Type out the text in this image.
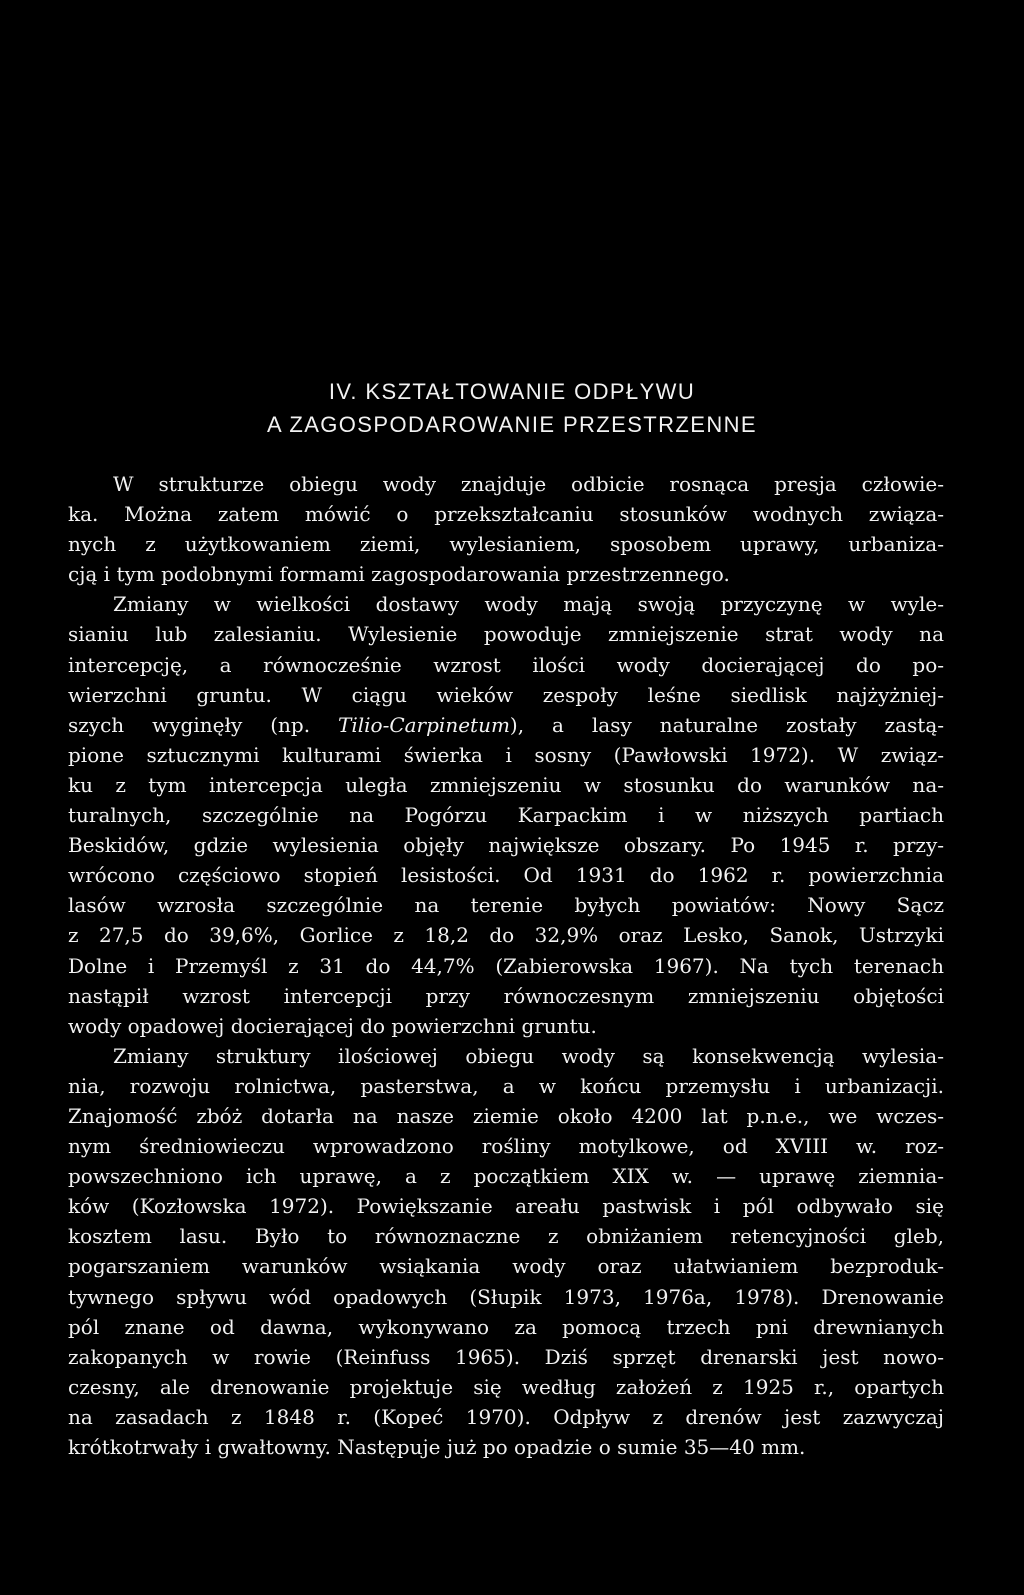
IV. KSZTAŁTOWANIE ODPŁYWU
A ZAGOSPODAROWANIE PRZESTRZENNE
W strukturze obiegu wody znajduje odbicie rosnąca presja człowie-
ka. Można zatem mówić o przekształcaniu stosunków wodnych związa-
nych z użytkowaniem ziemi, wylesianiem, sposobem uprawy, urbaniza-
cją i tym podobnymi formami zagospodarowania przestrzennego.
Zmiany w wielkości dostawy wody mają swoją przyczynę w wyle-
sianiu lub zalesianiu. Wylesienie powoduje zmniejszenie strat wody na
intercepcję, a równocześnie wzrost ilości wody docierającej do po-
wierzchni gruntu. W ciągu wieków zespoły leśne siedlisk najżyżniej-
szych wyginęły (np. Tilio-Carpinetum), a lasy naturalne zostały zastą-
pione sztucznymi kulturami świerka i sosny (Pawłowski 1972). W związ-
ku z tym intercepcja uległa zmniejszeniu w stosunku do warunków na-
turalnych, szczególnie na Pogórzu Karpackim i w niższych partiach
Beskidów, gdzie wylesienia objęły największe obszary. Po 1945 r. przy-
wrócono częściowo stopień lesistości. Od 1931 do 1962 r. powierzchnia
lasów wzrosła szczególnie na terenie byłych powiatów: Nowy Sącz
z 27,5 do 39,6%, Gorlice z 18,2 do 32,9% oraz Lesko, Sanok, Ustrzyki
Dolne i Przemyśl z 31 do 44,7% (Zabierowska 1967). Na tych terenach
nastąpił wzrost intercepcji przy równoczesnym zmniejszeniu objętości
wody opadowej docierającej do powierzchni gruntu.
Zmiany struktury ilościowej obiegu wody są konsekwencją wylesia-
nia, rozwoju rolnictwa, pasterstwa, a w końcu przemysłu i urbanizacji.
Znajomość zbóż dotarła na nasze ziemie około 4200 lat p.n.e., we wczes-
nym średniowieczu wprowadzono rośliny motylkowe, od XVIII w. roz-
powszechniono ich uprawę, a z początkiem XIX w. — uprawę ziemnia-
ków (Kozłowska 1972). Powiększanie areału pastwisk i pól odbywało się
kosztem lasu. Było to równoznaczne z obniżaniem retencyjności gleb,
pogarszaniem warunków wsiąkania wody oraz ułatwianiem bezproduk-
tywnego spływu wód opadowych (Słupik 1973, 1976a, 1978). Drenowanie
pól znane od dawna, wykonywano za pomocą trzech pni drewnianych
zakopanych w rowie (Reinfuss 1965). Dziś sprzęt drenarski jest nowo-
czesny, ale drenowanie projektuje się według założeń z 1925 r., opartych
na zasadach z 1848 r. (Kopeć 1970). Odpływ z drenów jest zazwyczaj
krótkotrwały i gwałtowny. Następuje już po opadzie o sumie 35—40 mm.
